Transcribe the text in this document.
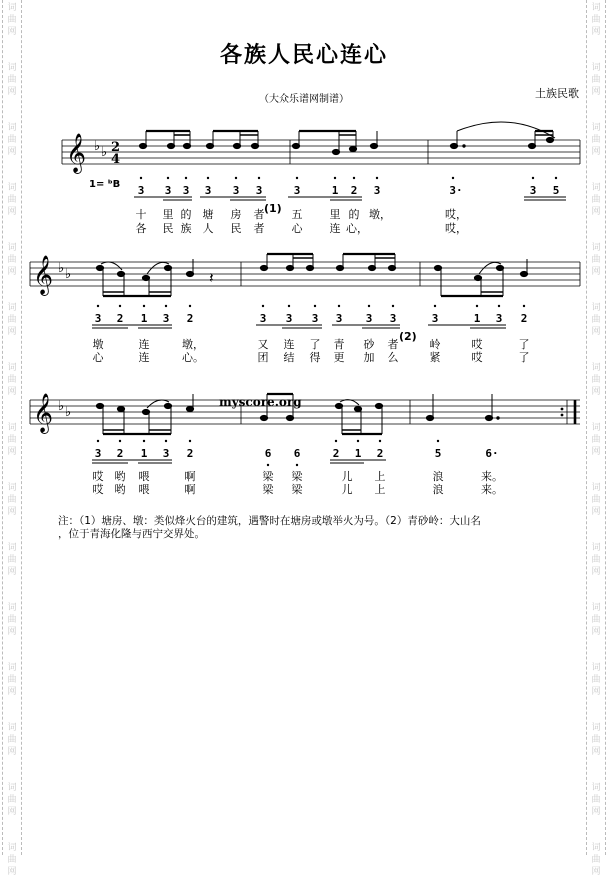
词
曲
网
词
曲
网
词
曲
网
词
曲
网
词
曲
网
词
曲
网
词
曲
网
词
曲
网
词
曲
网
词
曲
网
词
曲
网
词
曲
网
词
曲
网
词
曲
网
词
曲
网
词
曲
网
词
曲
网
词
曲
网
词
曲
网
词
曲
网
词
曲
网
词
曲
网
词
曲
网
词
曲
网
词
曲
网
词
曲
网
词
曲
网
词
曲
网
词
曲
网
词
曲
网
各族人民心连心
（大众乐谱网制谱）	土族民歌
1= ᵇB
𝄞 ♭ ♭ 2
4
𝄞 ♭ ♭	𝄽
𝄞 ♭ ♭
3	3	3	3	3	3	3	1	2	3	3·	3	5
十 里 的 塘 房 者 (1) 五 里 的 墩，	哎，
各 民 族 人 民 者 心 连 心，	哎，
3	2	1	3	2	3	3	3	3	3	3	3	1	3	2
墩	连	墩，	又 连 了 青 砂 者
(2)
岭	哎	了
心	连	心。	团 结 得 更 加 么	紧	哎	了
myscore.org
3	2	1	3	2	6	6	2	1	2	5	6·
哎 哟 喂	啊	梁 梁	儿 上	浪	来。
哎 哟 喂	啊	梁 梁	儿 上	浪	来。
注：（1）塘房、墩：类似烽火台的建筑，遇警时在塘房或墩举火为号。（2）青砂岭：大山名
，位于青海化隆与西宁交界处。
